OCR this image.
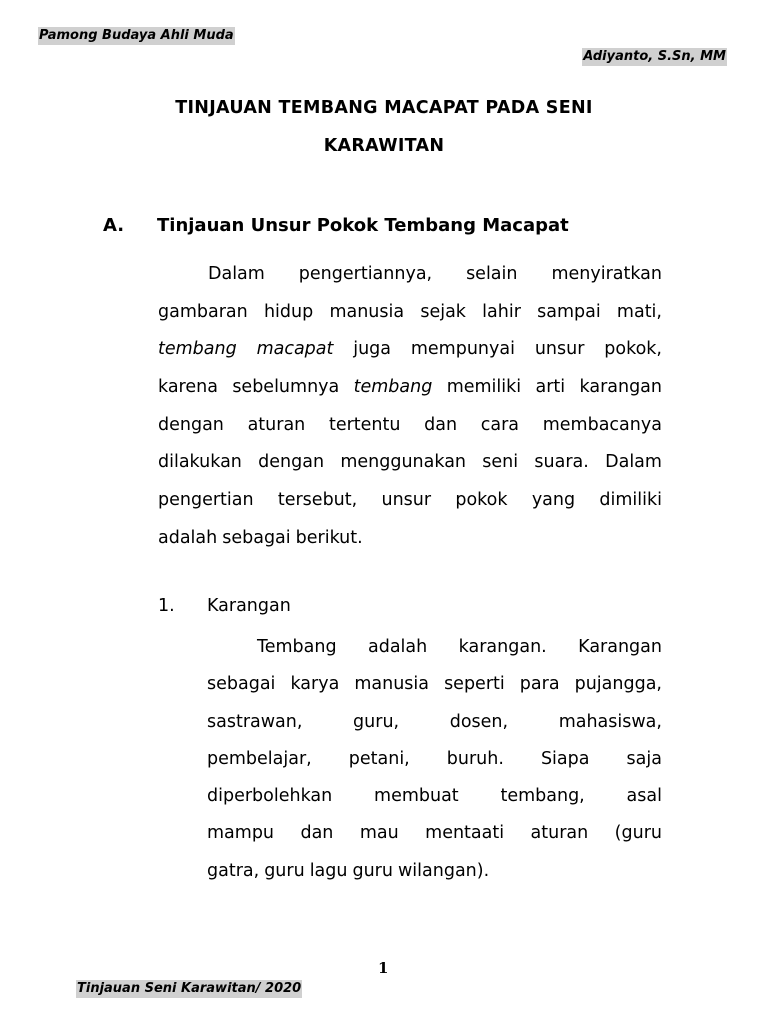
Pamong Budaya Ahli Muda
Adiyanto, S.Sn, MM
TINJAUAN TEMBANG MACAPAT PADA SENI
KARAWITAN
A. Tinjauan Unsur Pokok Tembang Macapat
Dalam pengertiannya, selain menyiratkan
gambaran hidup manusia sejak lahir sampai mati,
tembang macapat juga mempunyai unsur pokok,
karena sebelumnya tembang memiliki arti karangan
dengan aturan tertentu dan cara membacanya
dilakukan dengan menggunakan seni suara. Dalam
pengertian tersebut, unsur pokok yang dimiliki
adalah sebagai berikut.
1. Karangan
Tembang adalah karangan. Karangan
sebagai karya manusia seperti para pujangga,
sastrawan,	guru,	dosen,	mahasiswa,
pembelajar, petani, buruh. Siapa saja
diperbolehkan membuat tembang, asal
mampu dan mau mentaati aturan (guru
gatra, guru lagu guru wilangan).
1
Tinjauan Seni Karawitan/ 2020
